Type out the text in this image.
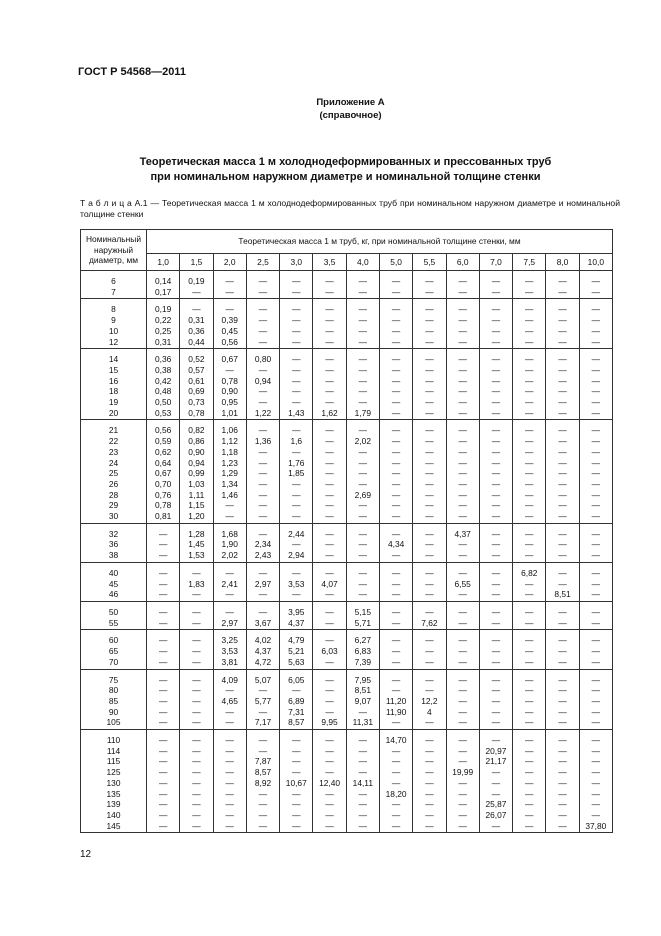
ГОСТ Р 54568—2011
Приложение А
(справочное)
Теоретическая масса 1 м холоднодеформированных и прессованных труб
при номинальном наружном диаметре и номинальной толщине стенки
Т а б л и ц а А.1 — Теоретическая масса 1 м холоднодеформированных труб при номинальном наружном диаметре и номинальной толщине стенки
Номинальный наружный диаметр, мм	Теоретическая масса 1 м труб, кг, при номинальной толщине стенки, мм													
	1,0	1,5	2,0	2,5	3,0	3,5	4,0	5,0	5,5	6,0	7,0	7,5	8,0	10,0
6	0,14	0,19	—	—	—	—	—	—	—	—	—	—	—	—
7	0,17	—	—	—	—	—	—	—	—	—	—	—	—	—
8	0,19	—	—	—	—	—	—	—	—	—	—	—	—	—
9	0,22	0,31	0,39	—	—	—	—	—	—	—	—	—	—	—
10	0,25	0,36	0,45	—	—	—	—	—	—	—	—	—	—	—
12	0,31	0,44	0,56	—	—	—	—	—	—	—	—	—	—	—
14	0,36	0,52	0,67	0,80	—	—	—	—	—	—	—	—	—	—
15	0,38	0,57	—	—	—	—	—	—	—	—	—	—	—	—
16	0,42	0,61	0,78	0,94	—	—	—	—	—	—	—	—	—	—
18	0,48	0,69	0,90	—	—	—	—	—	—	—	—	—	—	—
19	0,50	0,73	0,95	—	—	—	—	—	—	—	—	—	—	—
20	0,53	0,78	1,01	1,22	1,43	1,62	1,79	—	—	—	—	—	—	—
21	0,56	0,82	1,06	—	—	—	—	—	—	—	—	—	—	—
22	0,59	0,86	1,12	1,36	1,6	—	2,02	—	—	—	—	—	—	—
23	0,62	0,90	1,18	—	—	—	—	—	—	—	—	—	—	—
24	0,64	0,94	1,23	—	1,76	—	—	—	—	—	—	—	—	—
25	0,67	0,99	1,29	—	1,85	—	—	—	—	—	—	—	—	—
26	0,70	1,03	1,34	—	—	—	—	—	—	—	—	—	—	—
28	0,76	1,11	1,46	—	—	—	2,69	—	—	—	—	—	—	—
29	0,78	1,15	—	—	—	—	—	—	—	—	—	—	—	—
30	0,81	1,20	—	—	—	—	—	—	—	—	—	—	—	—
32	—	1,28	1,68	—	2,44	—	—	—	—	4,37	—	—	—	—
36	—	1,45	1,90	2,34	—	—	—	4,34	—	—	—	—	—	—
38	—	1,53	2,02	2,43	2,94	—	—	—	—	—	—	—	—	—
40	—	—	—	—	—	—	—	—	—	—	—	6,82	—	—
45	—	1,83	2,41	2,97	3,53	4,07	—	—	—	6,55	—	—	—	—
46	—	—	—	—	—	—	—	—	—	—	—	—	8,51	—
50	—	—	—	—	3,95	—	5,15	—	—	—	—	—	—	—
55	—	—	2,97	3,67	4,37	—	5,71	—	7,62	—	—	—	—	—
60	—	—	3,25	4,02	4,79	—	6,27	—	—	—	—	—	—	—
65	—	—	3,53	4,37	5,21	6,03	6,83	—	—	—	—	—	—	—
70	—	—	3,81	4,72	5,63	—	7,39	—	—	—	—	—	—	—
75	—	—	4,09	5,07	6,05	—	7,95	—	—	—	—	—	—	—
80	—	—	—	—	—	—	8,51	—	—	—	—	—	—	—
85	—	—	4,65	5,77	6,89	—	9,07	11,20	12,2	—	—	—	—	—
90	—	—	—	—	7,31	—	—	11,90	4	—	—	—	—	—
105	—	—	—	7,17	8,57	9,95	11,31	—	—	—	—	—	—	—
110	—	—	—	—	—	—	—	14,70	—	—	—	—	—	—
114	—	—	—	—	—	—	—	—	—	—	20,97	—	—	—
115	—	—	—	7,87	—	—	—	—	—	—	21,17	—	—	—
125	—	—	—	8,57	—	—	—	—	—	19,99	—	—	—	—
130	—	—	—	8,92	10,67	12,40	14,11	—	—	—	—	—	—	—
135	—	—	—	—	—	—	—	18,20	—	—	—	—	—	—
139	—	—	—	—	—	—	—	—	—	—	25,87	—	—	—
140	—	—	—	—	—	—	—	—	—	—	26,07	—	—	—
145	—	—	—	—	—	—	—	—	—	—	—	—	—	37,80
12
